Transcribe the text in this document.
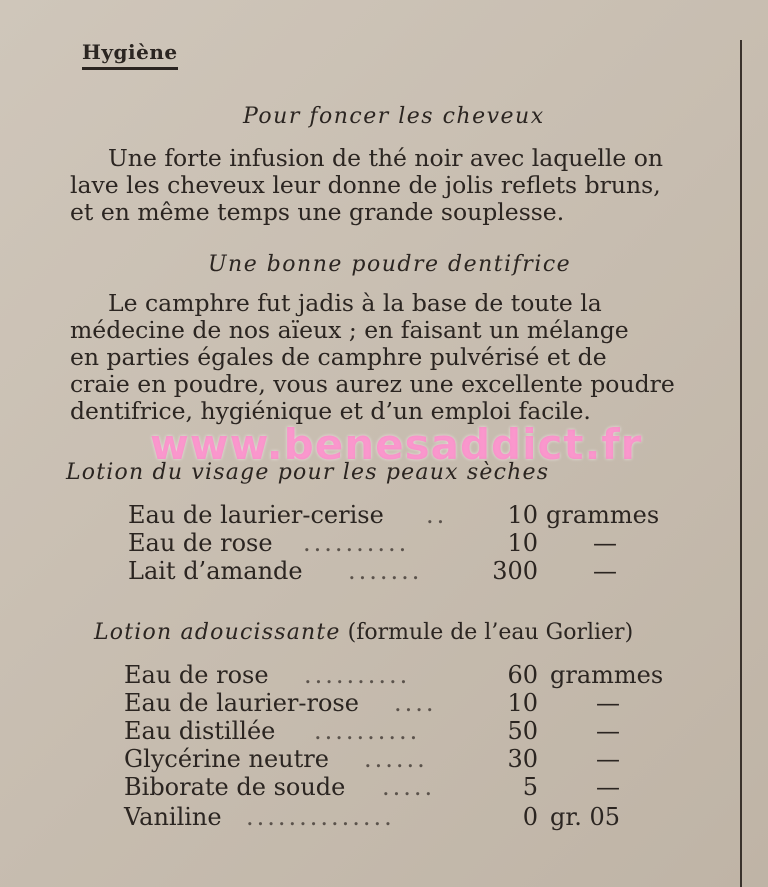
Hygiène
Pour foncer les cheveux
Une forte infusion de thé noir avec laquelle on
lave les cheveux leur donne de jolis reflets bruns,
et en même temps une grande souplesse.
Une bonne poudre dentifrice
Le camphre fut jadis à la base de toute la
médecine de nos aïeux ; en faisant un mélange
en parties égales de camphre pulvérisé et de
craie en poudre, vous aurez une excellente poudre
dentifrice, hygiénique et d’un emploi facile.
Lotion du visage pour les peaux sèches
Eau de laurier-cerise ..	10 grammes
Eau de rose ..........	10 —
Lait d’amande .......	300 —
Lotion adoucissante (formule de l’eau Gorlier)
Eau de rose ..........	60 grammes
Eau de laurier-rose ....	10 —
Eau distillée ..........	50 —
Glycérine neutre ......	30 —
Biborate de soude .....	5 —
Vaniline ..............	0 gr. 05
www.benesaddict.fr
